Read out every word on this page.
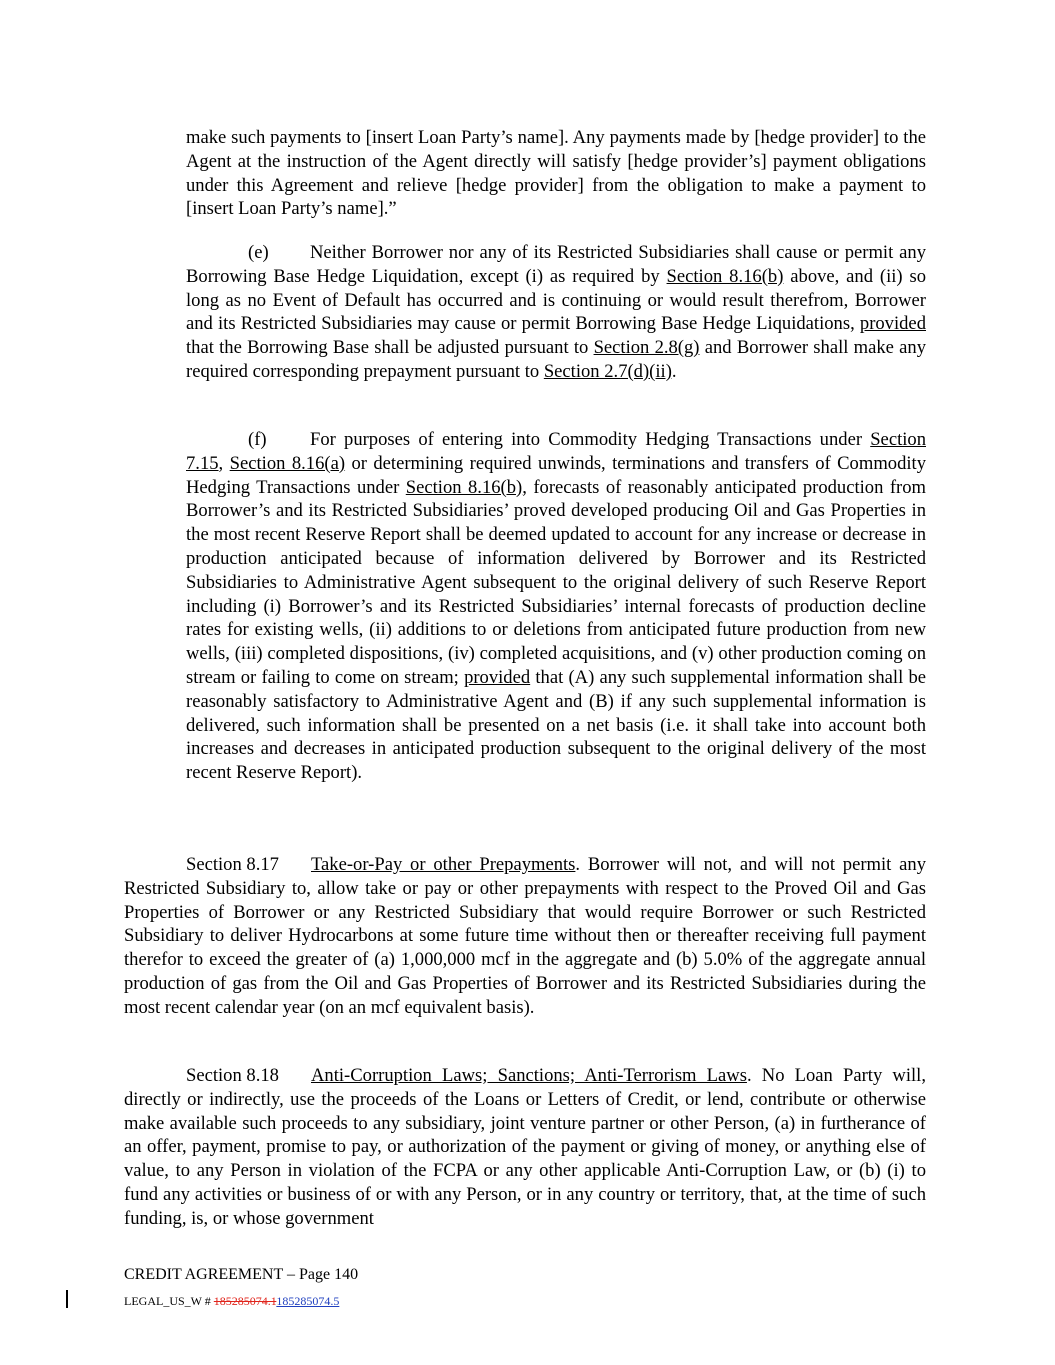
make such payments to [insert Loan Party’s name]. Any payments made by [hedge provider] to the Agent at the instruction of the Agent directly will satisfy [hedge provider’s] payment obligations under this Agreement and relieve [hedge provider] from the obligation to make a payment to [insert Loan Party’s name].”

(e) Neither Borrower nor any of its Restricted Subsidiaries shall cause or permit any Borrowing Base Hedge Liquidation, except (i) as required by Section 8.16(b) above, and (ii) so long as no Event of Default has occurred and is continuing or would result therefrom, Borrower and its Restricted Subsidiaries may cause or permit Borrowing Base Hedge Liquidations, provided that the Borrowing Base shall be adjusted pursuant to Section 2.8(g) and Borrower shall make any required corresponding prepayment pursuant to Section 2.7(d)(ii).

(f) For purposes of entering into Commodity Hedging Transactions under Section 7.15, Section 8.16(a) or determining required unwinds, terminations and transfers of Commodity Hedging Transactions under Section 8.16(b), forecasts of reasonably anticipated production from Borrower’s and its Restricted Subsidiaries’ proved developed producing Oil and Gas Properties in the most recent Reserve Report shall be deemed updated to account for any increase or decrease in production anticipated because of information delivered by Borrower and its Restricted Subsidiaries to Administrative Agent subsequent to the original delivery of such Reserve Report including (i) Borrower’s and its Restricted Subsidiaries’ internal forecasts of production decline rates for existing wells, (ii) additions to or deletions from anticipated future production from new wells, (iii) completed dispositions, (iv) completed acquisitions, and (v) other production coming on stream or failing to come on stream; provided that (A) any such supplemental information shall be reasonably satisfactory to Administrative Agent and (B) if any such supplemental information is delivered, such information shall be presented on a net basis (i.e. it shall take into account both increases and decreases in anticipated production subsequent to the original delivery of the most recent Reserve Report).

Section 8.17 Take-or-Pay or other Prepayments. Borrower will not, and will not permit any Restricted Subsidiary to, allow take or pay or other prepayments with respect to the Proved Oil and Gas Properties of Borrower or any Restricted Subsidiary that would require Borrower or such Restricted Subsidiary to deliver Hydrocarbons at some future time without then or thereafter receiving full payment therefor to exceed the greater of (a) 1,000,000 mcf in the aggregate and (b) 5.0% of the aggregate annual production of gas from the Oil and Gas Properties of Borrower and its Restricted Subsidiaries during the most recent calendar year (on an mcf equivalent basis).

Section 8.18 Anti-Corruption Laws; Sanctions; Anti-Terrorism Laws. No Loan Party will, directly or indirectly, use the proceeds of the Loans or Letters of Credit, or lend, contribute or otherwise make available such proceeds to any subsidiary, joint venture partner or other Person, (a) in furtherance of an offer, payment, promise to pay, or authorization of the payment or giving of money, or anything else of value, to any Person in violation of the FCPA or any other applicable Anti-Corruption Law, or (b) (i) to fund any activities or business of or with any Person, or in any country or territory, that, at the time of such funding, is, or whose government

CREDIT AGREEMENT – Page 140
LEGAL_US_W # 185285074.1185285074.5
